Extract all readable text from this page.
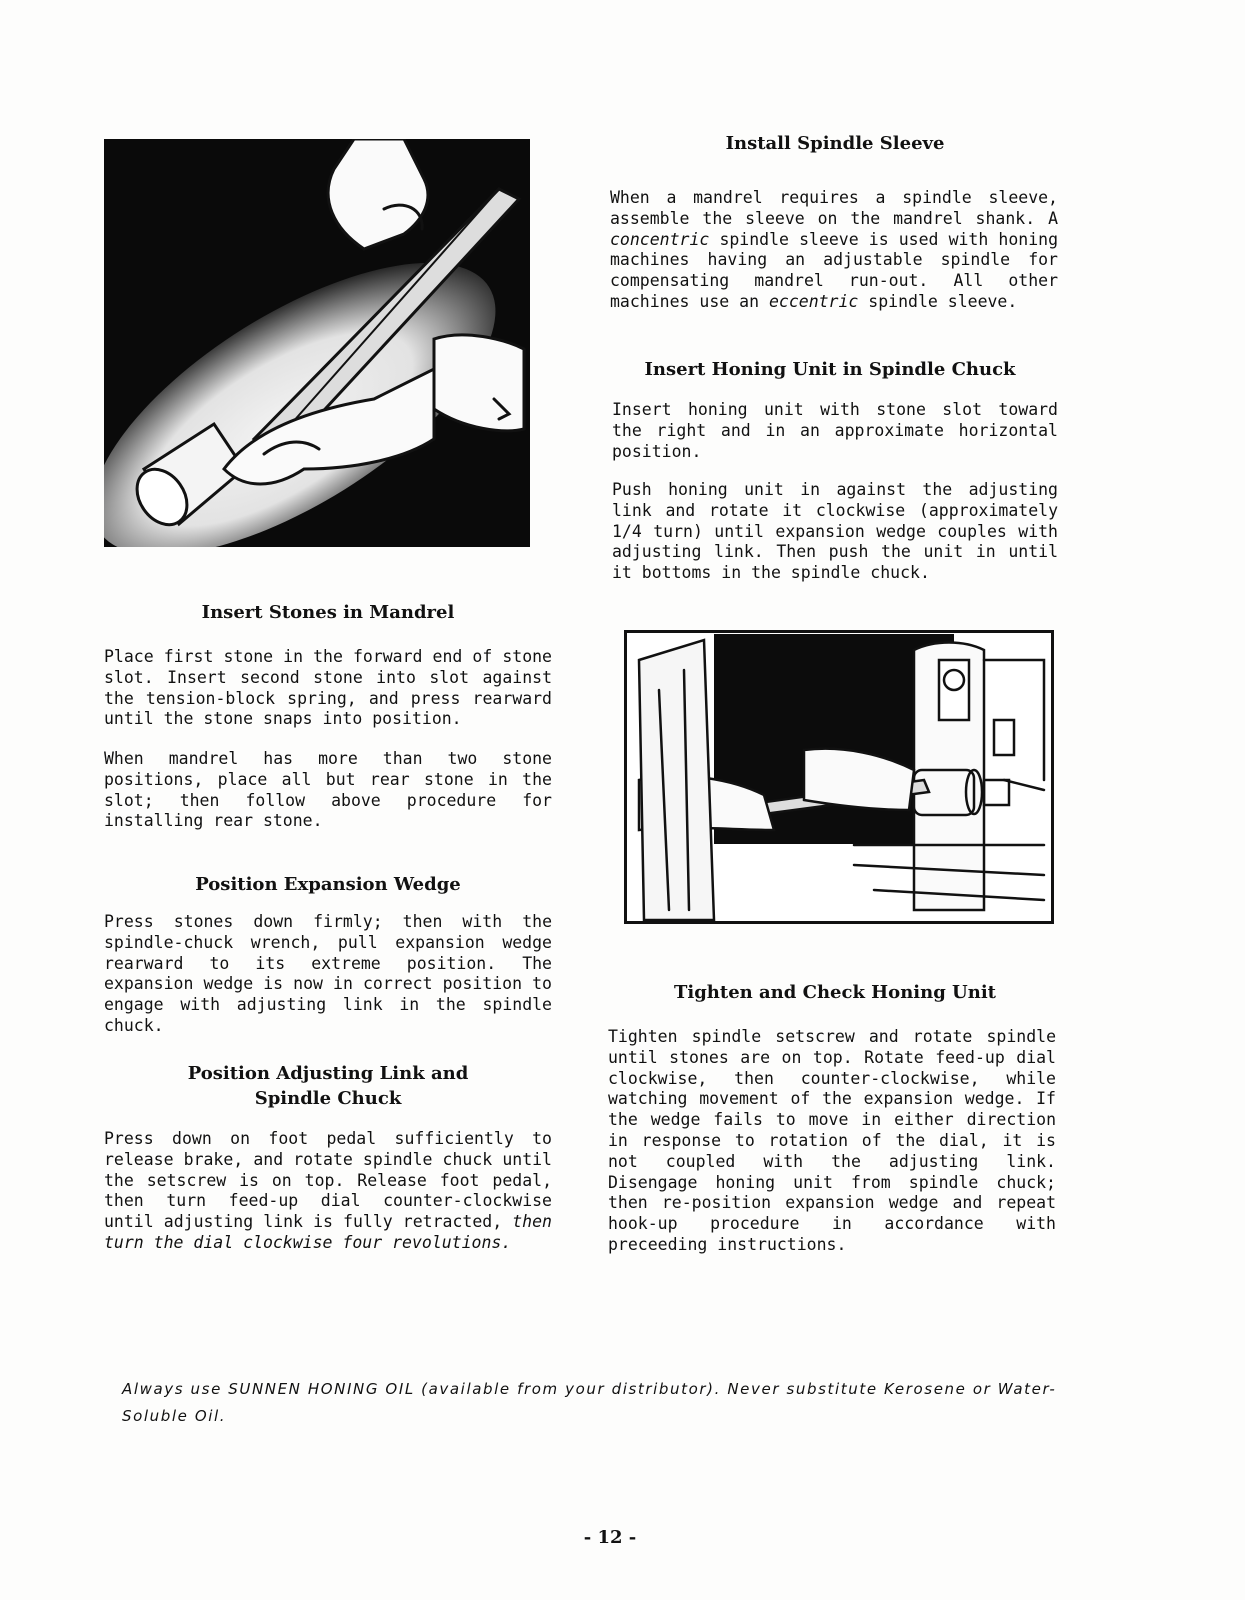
Install Spindle Sleeve

When a mandrel requires a spindle sleeve, assemble the sleeve on the mandrel shank. A concentric spindle sleeve is used with honing machines having an adjustable spindle for compensating mandrel run-out. All other machines use an eccentric spindle sleeve.

Insert Honing Unit in Spindle Chuck

Insert honing unit with stone slot toward the right and in an approximate horizontal position.

Push honing unit in against the adjusting link and rotate it clockwise (approximately 1/4 turn) until expansion wedge couples with adjusting link. Then push the unit in until it bottoms in the spindle chuck.

Insert Stones in Mandrel

Place first stone in the forward end of stone slot. Insert second stone into slot against the tension-block spring, and press rearward until the stone snaps into position.

When mandrel has more than two stone positions, place all but rear stone in the slot; then follow above procedure for installing rear stone.

Position Expansion Wedge

Press stones down firmly; then with the spindle-chuck wrench, pull expansion wedge rearward to its extreme position. The expansion wedge is now in correct position to engage with adjusting link in the spindle chuck.

Position Adjusting Link and
Spindle Chuck

Press down on foot pedal sufficiently to release brake, and rotate spindle chuck until the setscrew is on top. Release foot pedal, then turn feed-up dial counter-clockwise until adjusting link is fully retracted, then turn the dial clockwise four revolutions.

Tighten and Check Honing Unit

Tighten spindle setscrew and rotate spindle until stones are on top. Rotate feed-up dial clockwise, then counter-clockwise, while watching movement of the expansion wedge. If the wedge fails to move in either direction in response to rotation of the dial, it is not coupled with the adjusting link. Disengage honing unit from spindle chuck; then re-position expansion wedge and repeat hook-up procedure in accordance with preceeding instructions.

Always use SUNNEN HONING OIL (available from your distributor). Never substitute Kerosene or Water-Soluble Oil.

- 12 -
